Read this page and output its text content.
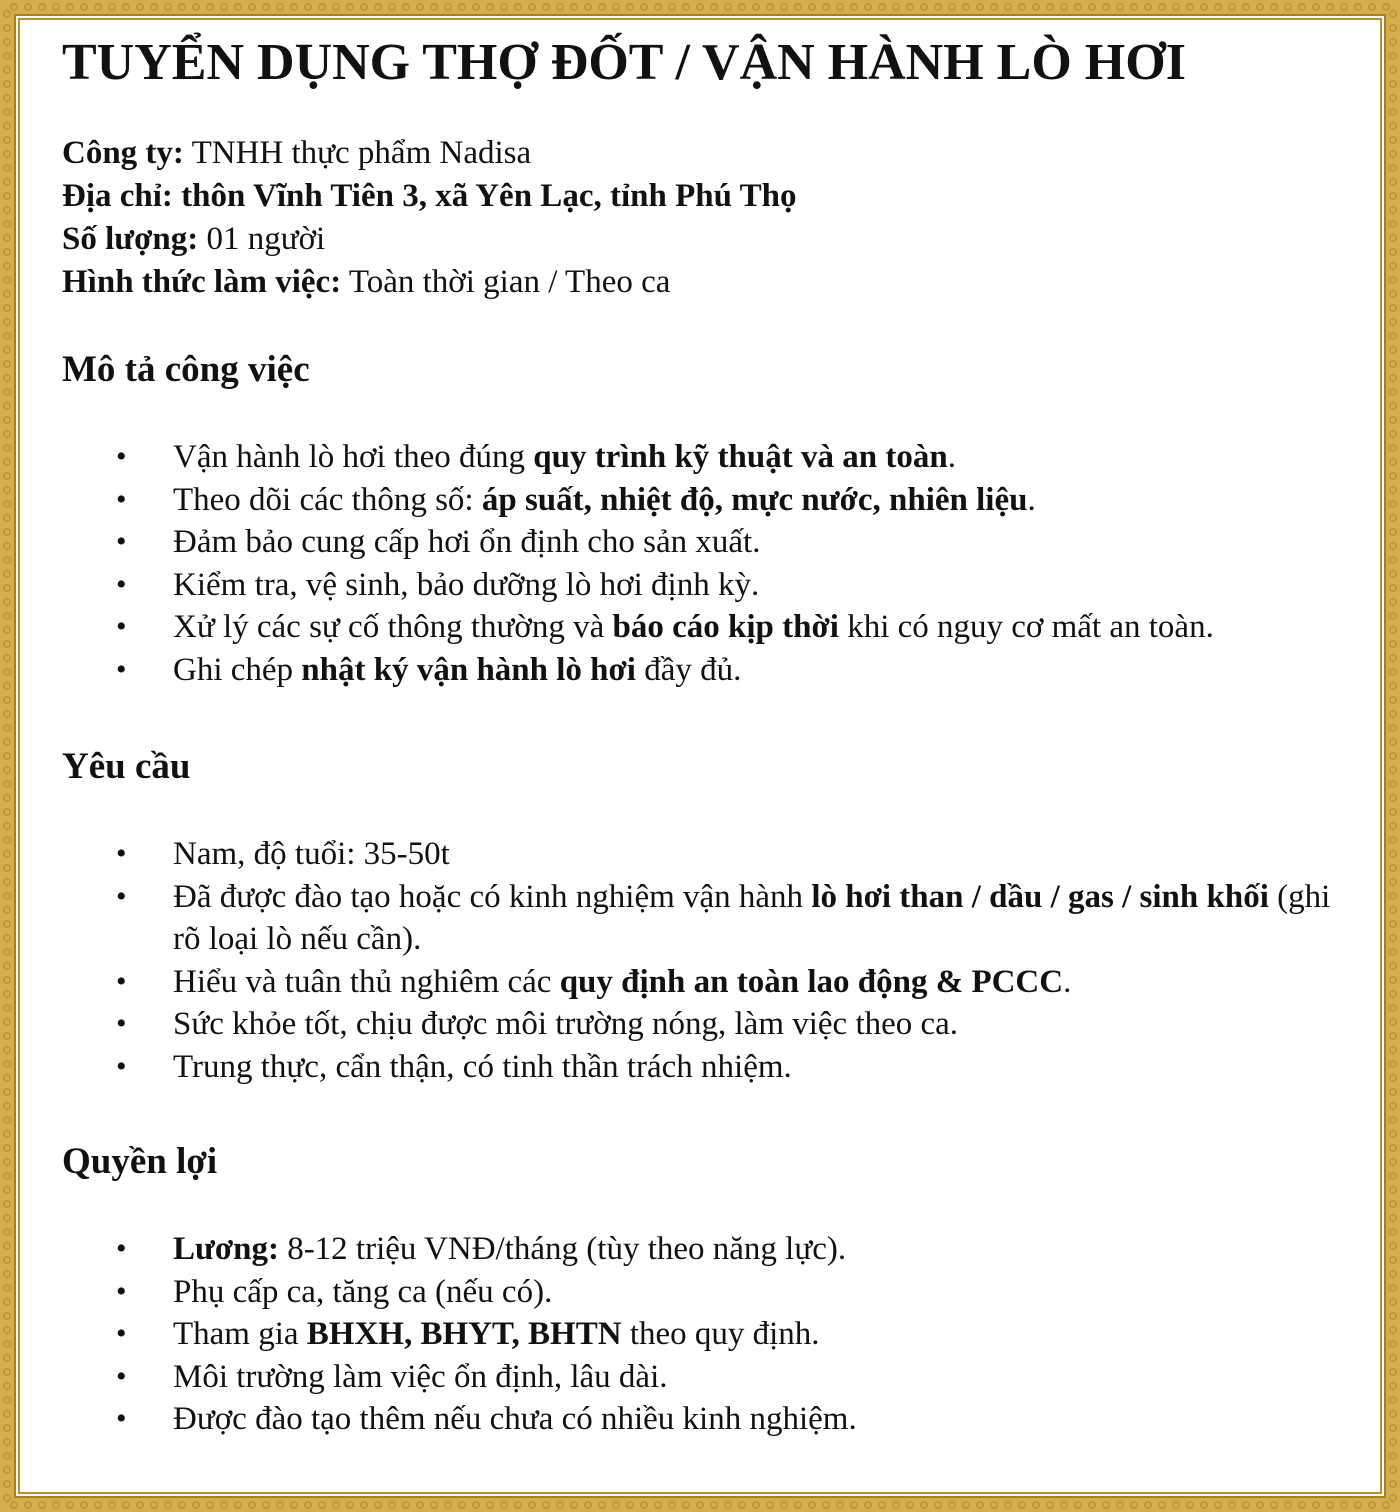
TUYỂN DỤNG THỢ ĐỐT / VẬN HÀNH LÒ HƠI
Công ty: TNHH thực phẩm Nadisa
Địa chỉ: thôn Vĩnh Tiên 3, xã Yên Lạc, tỉnh Phú Thọ
Số lượng: 01 người
Hình thức làm việc: Toàn thời gian / Theo ca
Mô tả công việc
• Vận hành lò hơi theo đúng quy trình kỹ thuật và an toàn.
• Theo dõi các thông số: áp suất, nhiệt độ, mực nước, nhiên liệu.
• Đảm bảo cung cấp hơi ổn định cho sản xuất.
• Kiểm tra, vệ sinh, bảo dưỡng lò hơi định kỳ.
• Xử lý các sự cố thông thường và báo cáo kịp thời khi có nguy cơ mất an toàn.
• Ghi chép nhật ký vận hành lò hơi đầy đủ.
Yêu cầu
• Nam, độ tuổi: 35-50t
• Đã được đào tạo hoặc có kinh nghiệm vận hành lò hơi than / dầu / gas / sinh khối (ghi rõ loại lò nếu cần).
• Hiểu và tuân thủ nghiêm các quy định an toàn lao động & PCCC.
• Sức khỏe tốt, chịu được môi trường nóng, làm việc theo ca.
• Trung thực, cẩn thận, có tinh thần trách nhiệm.
Quyền lợi
• Lương: 8-12 triệu VNĐ/tháng (tùy theo năng lực).
• Phụ cấp ca, tăng ca (nếu có).
• Tham gia BHXH, BHYT, BHTN theo quy định.
• Môi trường làm việc ổn định, lâu dài.
• Được đào tạo thêm nếu chưa có nhiều kinh nghiệm.
